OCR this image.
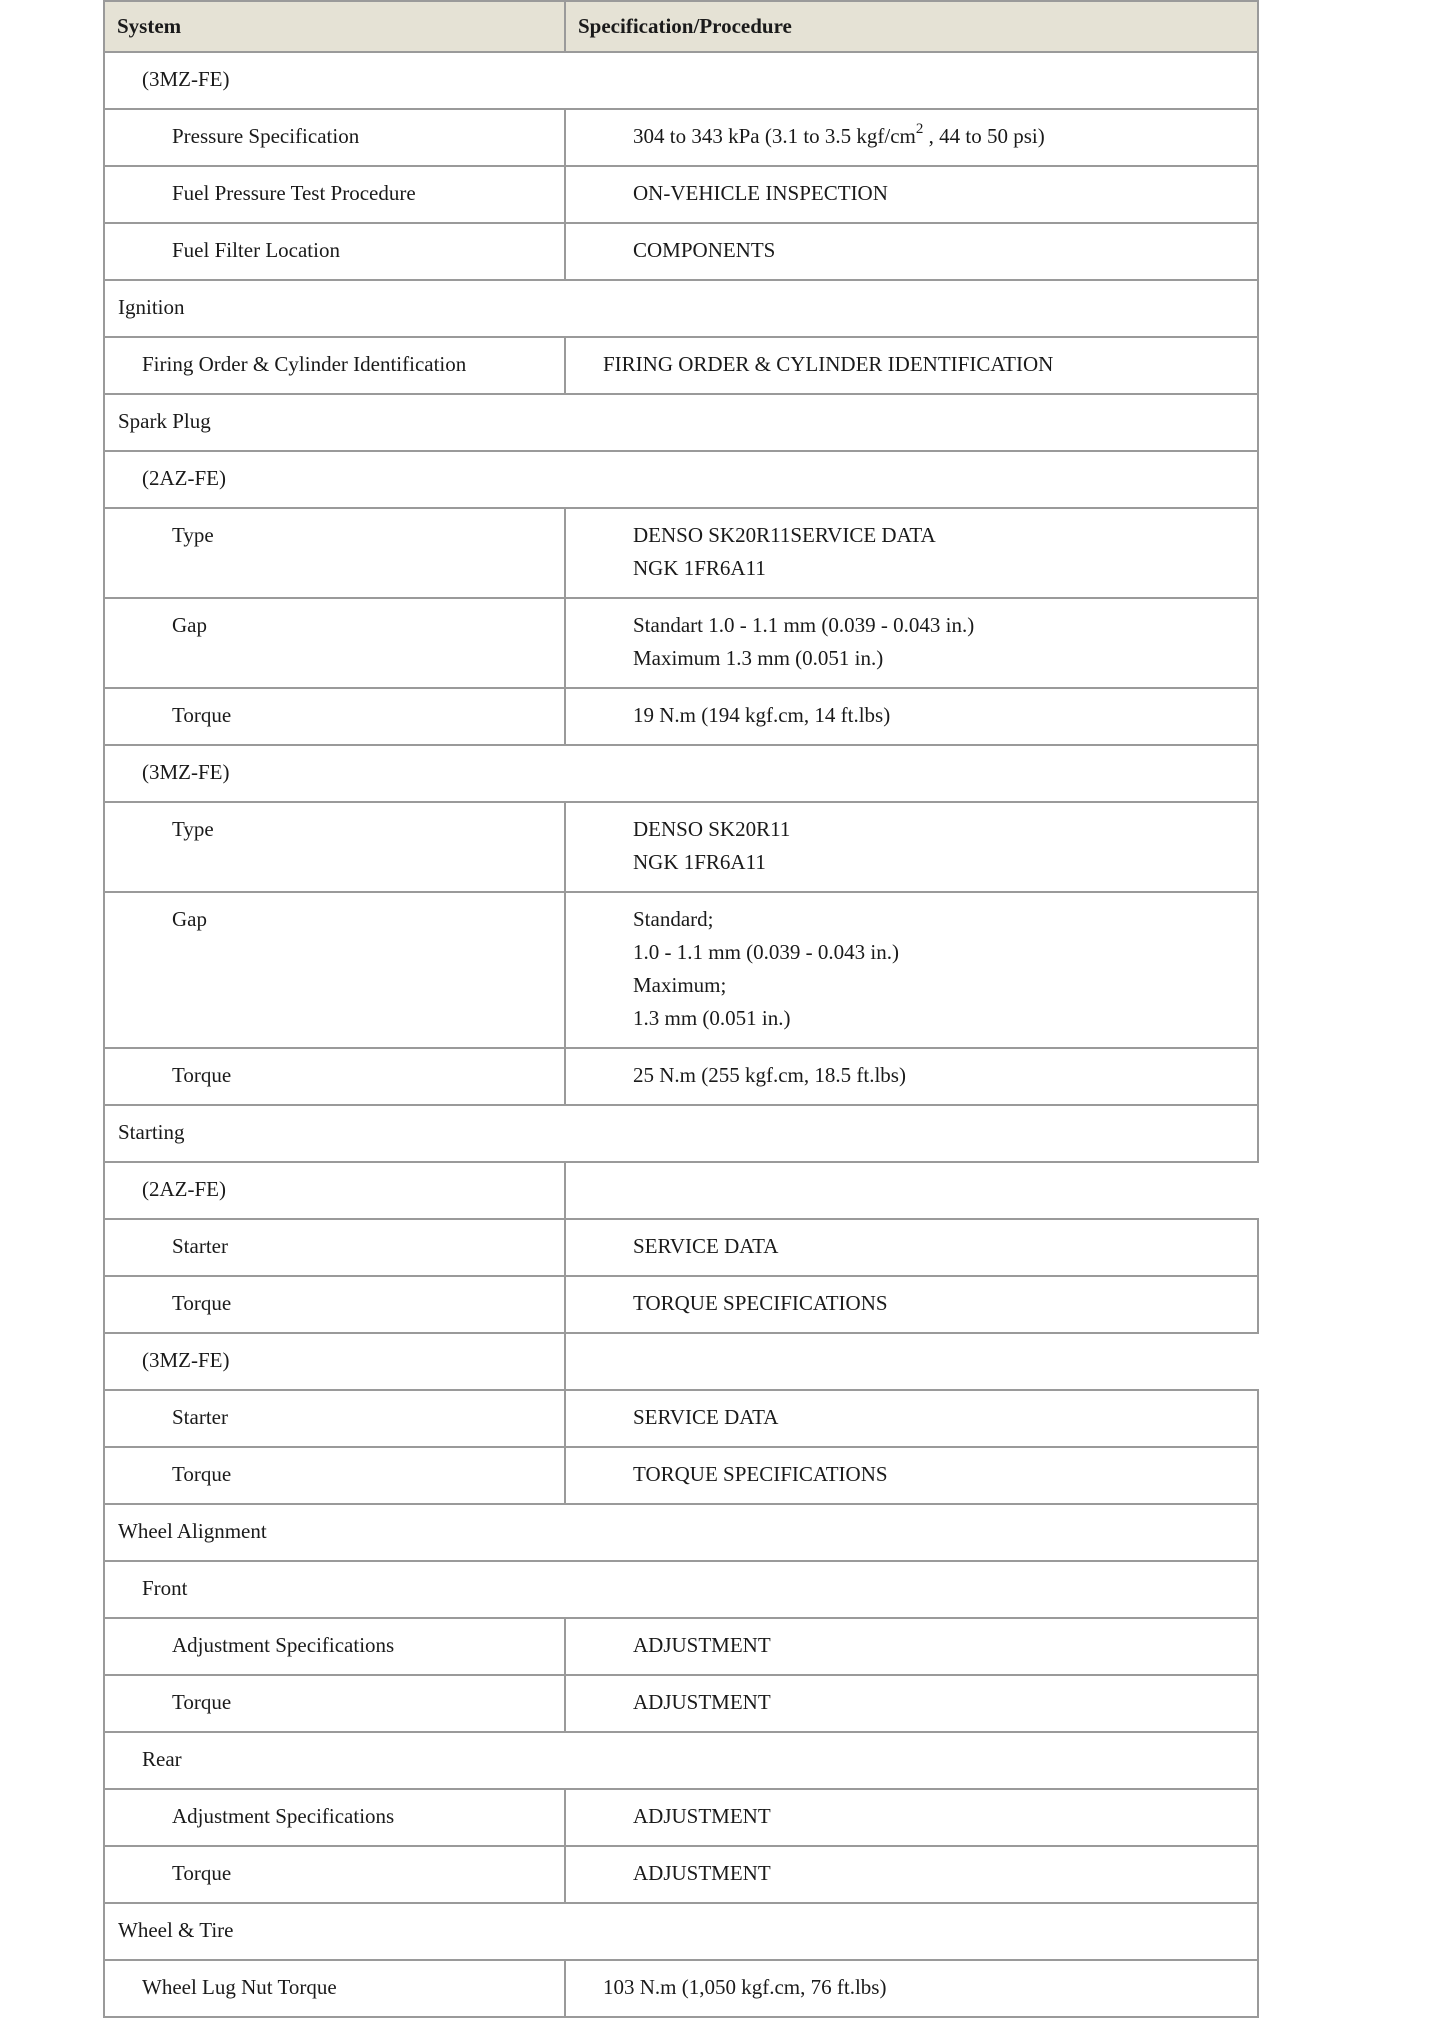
System	Specification/Procedure
(3MZ-FE)	
Pressure Specification	304 to 343 kPa (3.1 to 3.5 kgf/$cm^2$ , 44 to 50 psi)
Fuel Pressure Test Procedure	ON-VEHICLE INSPECTION

Fuel Filter Location	COMPONENTS

Ignition	
Firing Order & Cylinder Identification	FIRING ORDER & CYLINDER IDENTIFICATION

Spark Plug	
(2AZ-FE)	
Type	DENSO SK20R11SERVICE DATA
NGK 1FR6A11

Gap	Standart 1.0 - 1.1 mm (0.039 - 0.043 in.)
Maximum 1.3 mm (0.051 in.)

Torque	19 N.m (194 kgf.cm, 14 ft.lbs)

(3MZ-FE)	
Type	DENSO SK20R11
NGK 1FR6A11

Gap	Standard;
1.0 - 1.1 mm (0.039 - 0.043 in.)
Maximum;
1.3 mm (0.051 in.)

Torque	25 N.m (255 kgf.cm, 18.5 ft.lbs)

Starting	
(2AZ-FE)	
Starter	SERVICE DATA

Torque	TORQUE SPECIFICATIONS

(3MZ-FE)	
Starter	SERVICE DATA

Torque	TORQUE SPECIFICATIONS

Wheel Alignment	
Front	
Adjustment Specifications	ADJUSTMENT

Torque	ADJUSTMENT

Rear	
Adjustment Specifications	ADJUSTMENT

Torque	ADJUSTMENT

Wheel & Tire	
Wheel Lug Nut Torque	103 N.m (1,050 kgf.cm, 76 ft.lbs)
